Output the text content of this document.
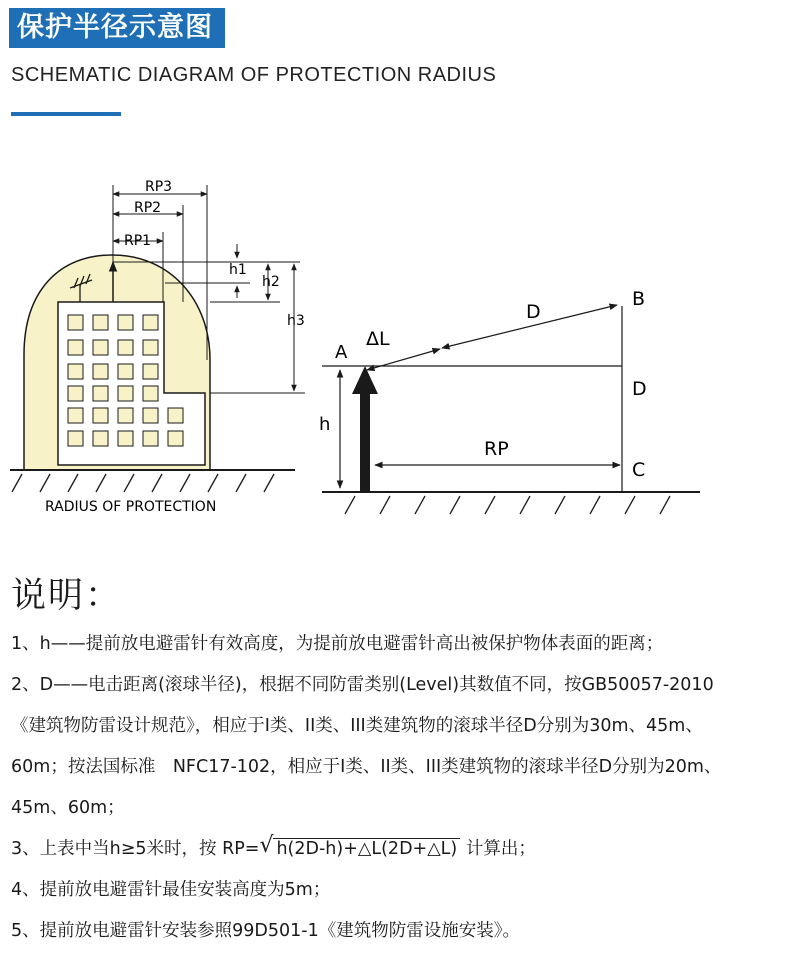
保护半径示意图
SCHEMATIC DIAGRAM OF PROTECTION RADIUS
RP3
RP2
RP1
h1
h2
h3
RADIUS OF PROTECTION
A
B
C
D
D
ΔL
h
RP
说明：
1、h——提前放电避雷针有效高度，为提前放电避雷针高出被保护物体表面的距离；
2、D——电击距离(滚球半径)，根据不同防雷类别(Level)其数值不同，按GB50057-2010
《建筑物防雷设计规范》，相应于I类、II类、III类建筑物的滚球半径D分别为30m、45m、
60m；按法国标准　NFC17-102，相应于I类、II类、III类建筑物的滚球半径D分别为20m、
45m、60m；
3、上表中当h≥5米时，按 RP=√ h(2D-h)+△L(2D+△L) 计算出；
4、提前放电避雷针最佳安装高度为5m；
5、提前放电避雷针安装参照99D501-1《建筑物防雷设施安装》。
